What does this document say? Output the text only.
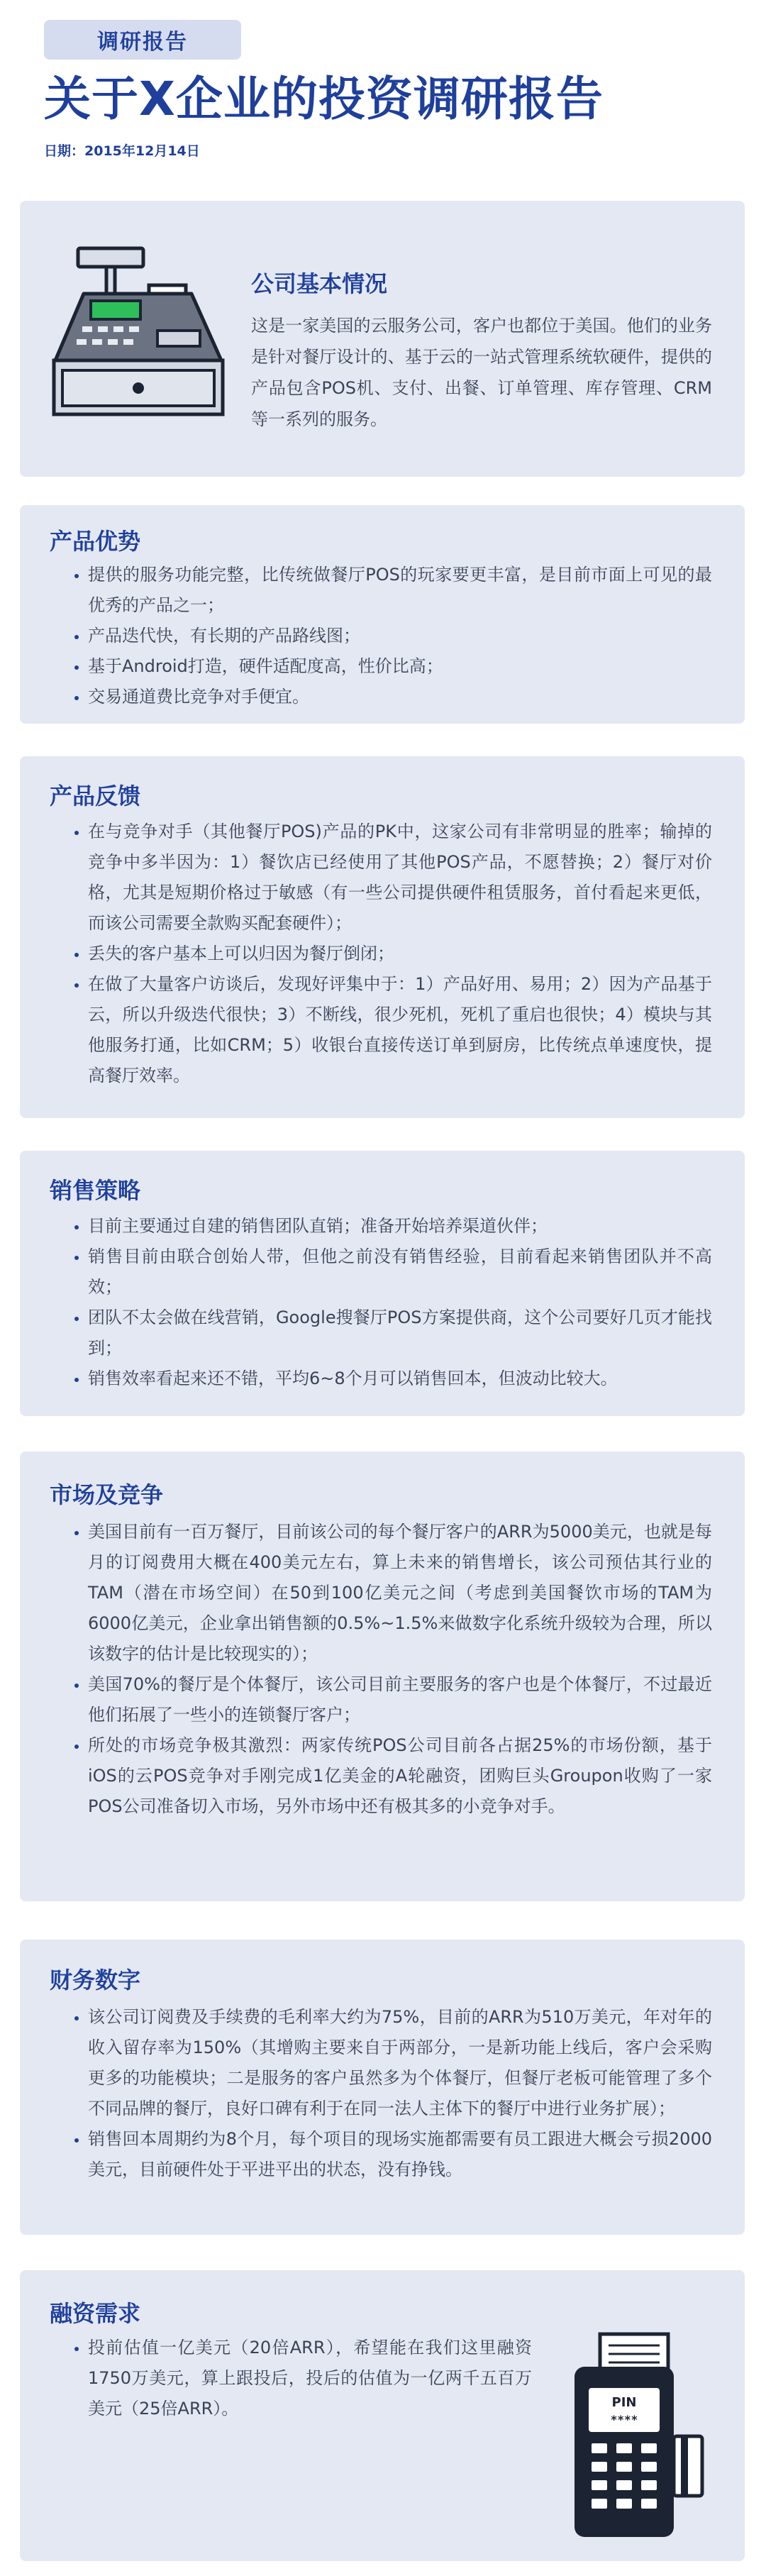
调研报告
关于X企业的投资调研报告
日期：2015年12月14日
公司基本情况

这是一家美国的云服务公司，客户也都位于美国。他们的业务是针对餐厅设计的、基于云的一站式管理系统软硬件，提供的产品包含POS机、支付、出餐、订单管理、库存管理、CRM等一系列的服务。

产品优势
• 提供的服务功能完整，比传统做餐厅POS的玩家要更丰富，是目前市面上可见的最优秀的产品之一；
• 产品迭代快，有长期的产品路线图；
• 基于Android打造，硬件适配度高，性价比高；
• 交易通道费比竞争对手便宜。
产品反馈
• 在与竞争对手（其他餐厅POS)产品的PK中，这家公司有非常明显的胜率；输掉的竞争中多半因为：1）餐饮店已经使用了其他POS产品，不愿替换；2）餐厅对价格，尤其是短期价格过于敏感（有一些公司提供硬件租赁服务，首付看起来更低，而该公司需要全款购买配套硬件）；
• 丢失的客户基本上可以归因为餐厅倒闭；
• 在做了大量客户访谈后，发现好评集中于：1）产品好用、易用；2）因为产品基于云，所以升级迭代很快；3）不断线，很少死机，死机了重启也很快；4）模块与其他服务打通，比如CRM；5）收银台直接传送订单到厨房，比传统点单速度快，提高餐厅效率。
销售策略
• 目前主要通过自建的销售团队直销；准备开始培养渠道伙伴；
• 销售目前由联合创始人带，但他之前没有销售经验，目前看起来销售团队并不高效；
• 团队不太会做在线营销，Google搜餐厅POS方案提供商，这个公司要好几页才能找到；
• 销售效率看起来还不错，平均6~8个月可以销售回本，但波动比较大。
市场及竞争
• 美国目前有一百万餐厅，目前该公司的每个餐厅客户的ARR为5000美元，也就是每月的订阅费用大概在400美元左右，算上未来的销售增长，该公司预估其行业的TAM（潜在市场空间）在50到100亿美元之间（考虑到美国餐饮市场的TAM为6000亿美元，企业拿出销售额的0.5%~1.5%来做数字化系统升级较为合理，所以该数字的估计是比较现实的）；
• 美国70%的餐厅是个体餐厅，该公司目前主要服务的客户也是个体餐厅，不过最近他们拓展了一些小的连锁餐厅客户；
• 所处的市场竞争极其激烈：两家传统POS公司目前各占据25%的市场份额，基于iOS的云POS竞争对手刚完成1亿美金的A轮融资，团购巨头Groupon收购了一家POS公司准备切入市场，另外市场中还有极其多的小竞争对手。
财务数字
• 该公司订阅费及手续费的毛利率大约为75%，目前的ARR为510万美元，年对年的收入留存率为150%（其增购主要来自于两部分，一是新功能上线后，客户会采购更多的功能模块；二是服务的客户虽然多为个体餐厅，但餐厅老板可能管理了多个不同品牌的餐厅，良好口碑有利于在同一法人主体下的餐厅中进行业务扩展）；
• 销售回本周期约为8个月，每个项目的现场实施都需要有员工跟进大概会亏损2000美元，目前硬件处于平进平出的状态，没有挣钱。
融资需求
• 投前估值一亿美元（20倍ARR），希望能在我们这里融资1750万美元，算上跟投后，投后的估值为一亿两千五百万美元（25倍ARR）。	PIN
****
